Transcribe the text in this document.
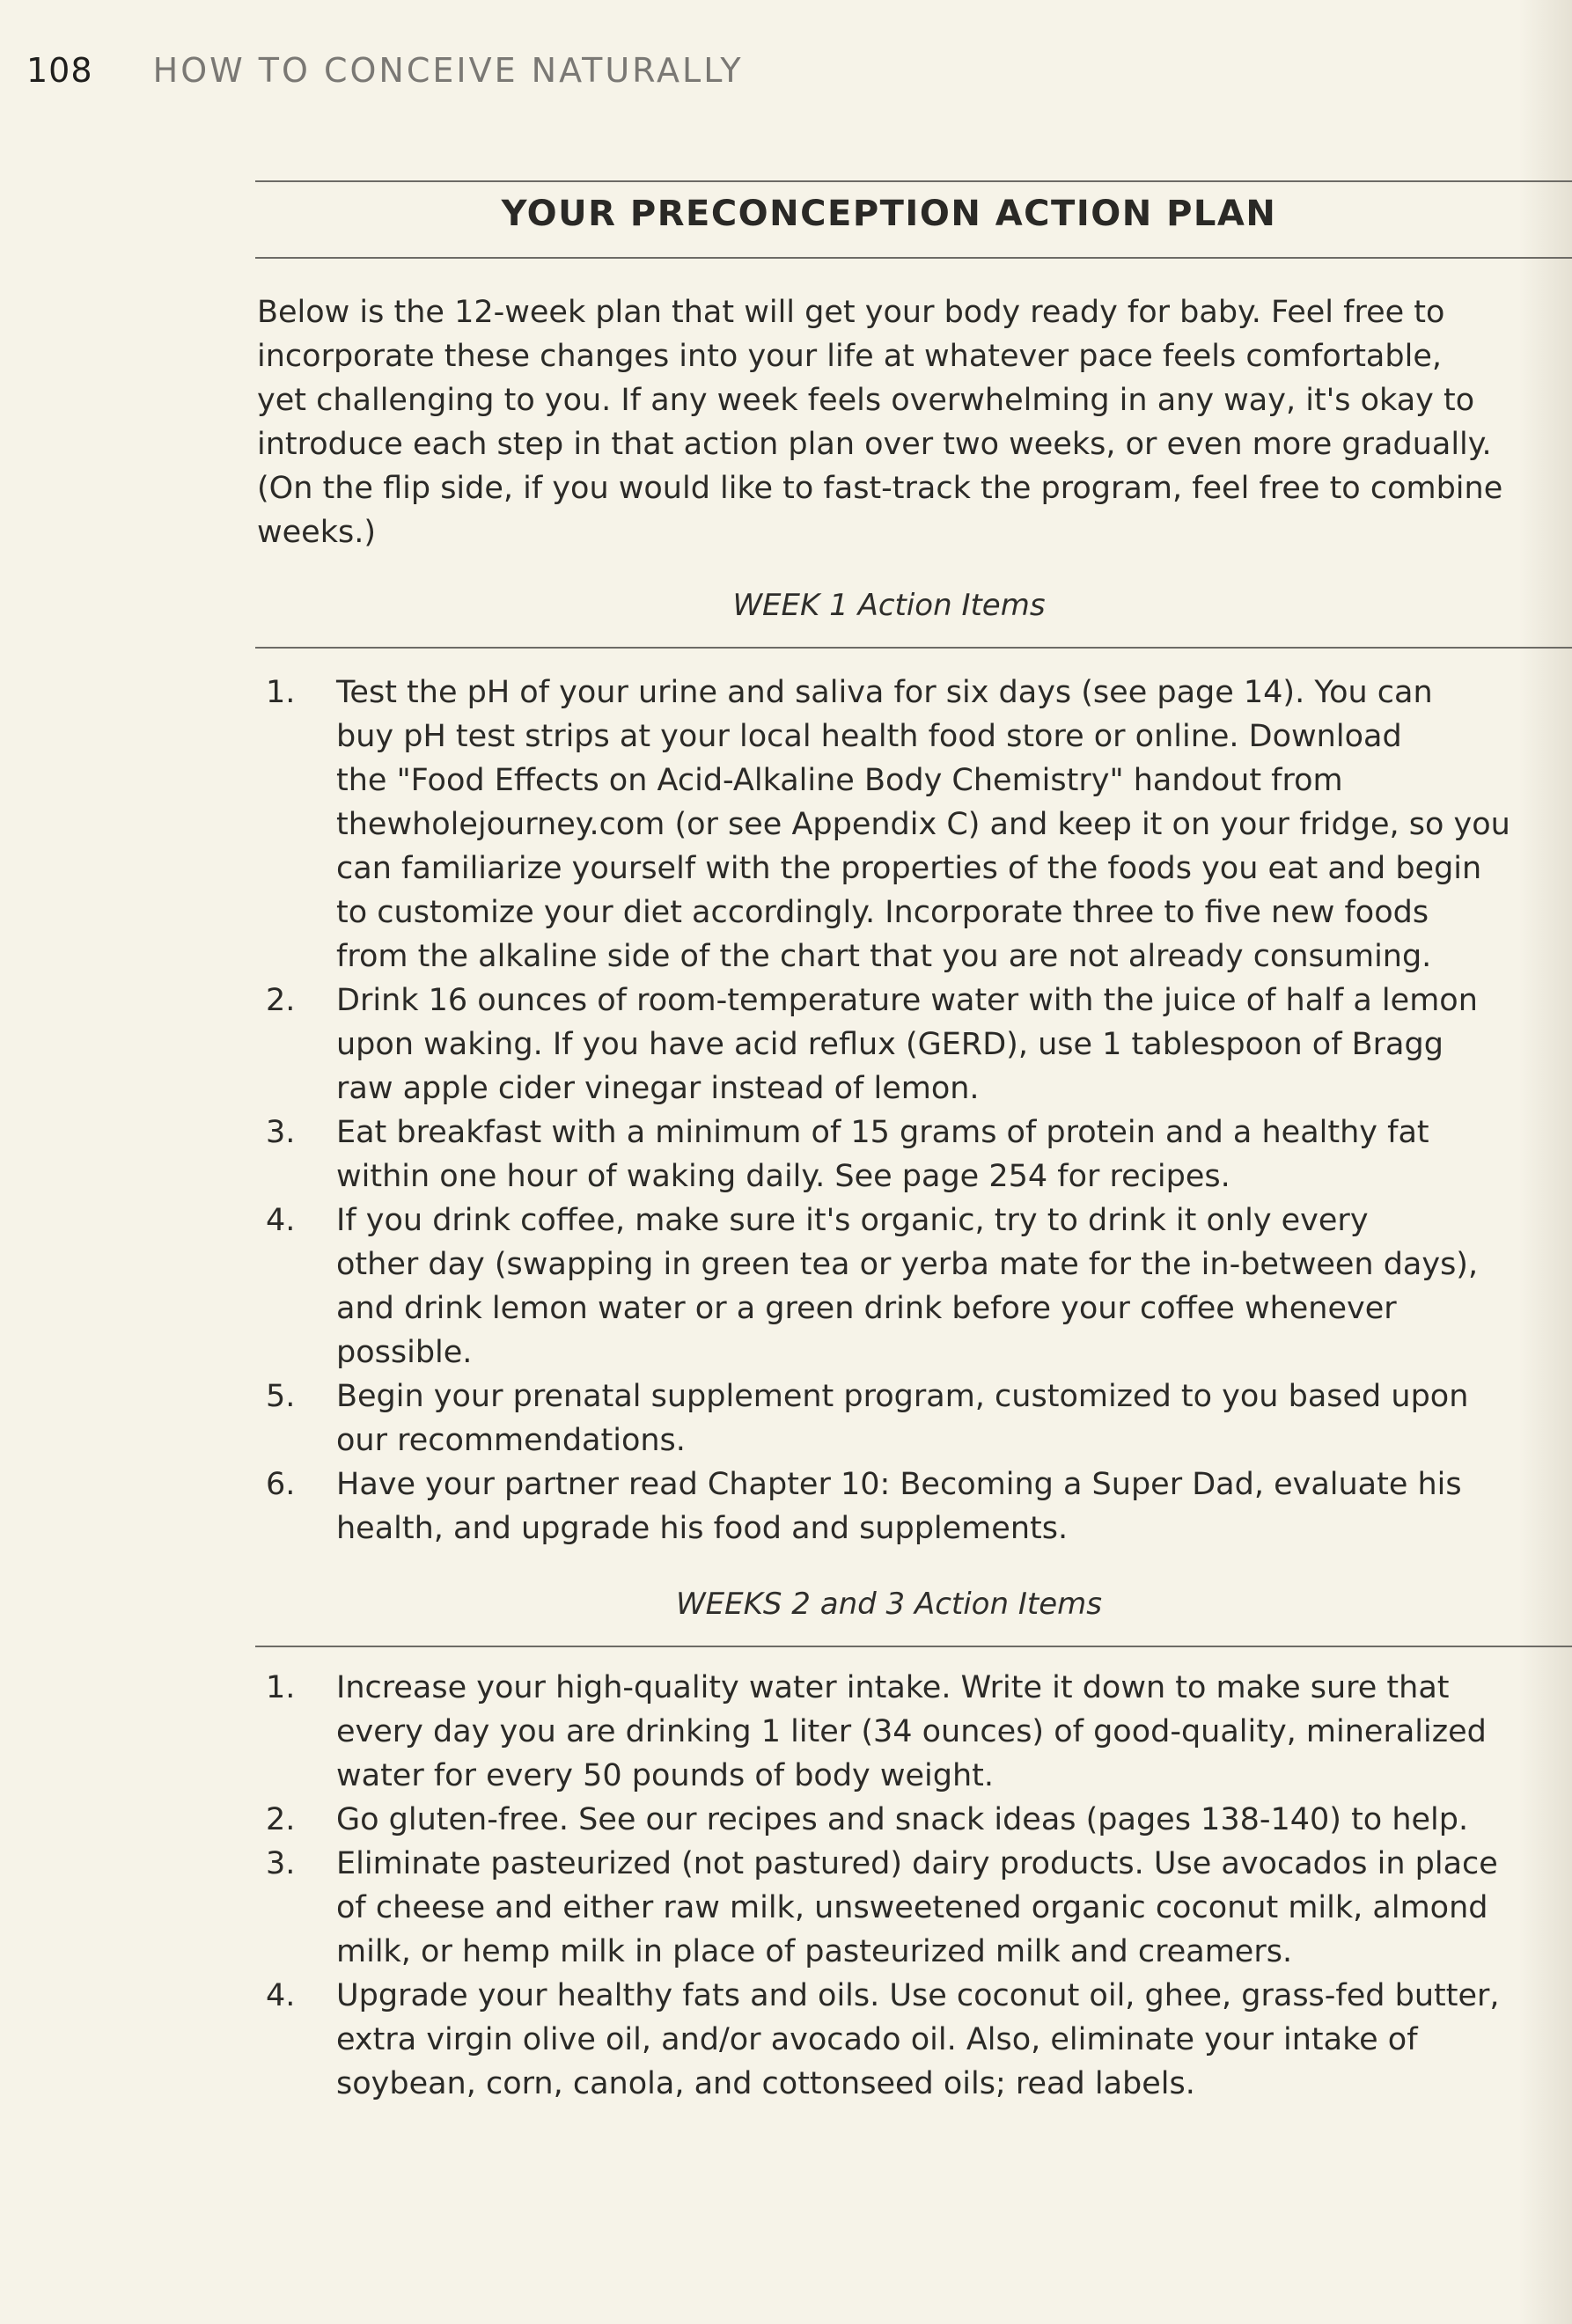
108 HOW TO CONCEIVE NATURALLY
YOUR PRECONCEPTION ACTION PLAN

Below is the 12-week plan that will get your body ready for baby. Feel free to
incorporate these changes into your life at whatever pace feels comfortable,
yet challenging to you. If any week feels overwhelming in any way, it's okay to
introduce each step in that action plan over two weeks, or even more gradually.
(On the flip side, if you would like to fast-track the program, feel free to combine
weeks.)

WEEK 1 Action Items
1. Test the pH of your urine and saliva for six days (see page 14). You can
buy pH test strips at your local health food store or online. Download
the "Food Effects on Acid-Alkaline Body Chemistry" handout from
thewholejourney.com (or see Appendix C) and keep it on your fridge, so you
can familiarize yourself with the properties of the foods you eat and begin
to customize your diet accordingly. Incorporate three to five new foods
from the alkaline side of the chart that you are not already consuming.
2. Drink 16 ounces of room-temperature water with the juice of half a lemon
upon waking. If you have acid reflux (GERD), use 1 tablespoon of Bragg
raw apple cider vinegar instead of lemon.
3. Eat breakfast with a minimum of 15 grams of protein and a healthy fat
within one hour of waking daily. See page 254 for recipes.
4. If you drink coffee, make sure it's organic, try to drink it only every
other day (swapping in green tea or yerba mate for the in-between days),
and drink lemon water or a green drink before your coffee whenever
possible.
5. Begin your prenatal supplement program, customized to you based upon
our recommendations.
6. Have your partner read Chapter 10: Becoming a Super Dad, evaluate his
health, and upgrade his food and supplements.
WEEKS 2 and 3 Action Items
1. Increase your high-quality water intake. Write it down to make sure that
every day you are drinking 1 liter (34 ounces) of good-quality, mineralized
water for every 50 pounds of body weight.
2. Go gluten-free. See our recipes and snack ideas (pages 138-140) to help.
3. Eliminate pasteurized (not pastured) dairy products. Use avocados in place
of cheese and either raw milk, unsweetened organic coconut milk, almond
milk, or hemp milk in place of pasteurized milk and creamers.
4. Upgrade your healthy fats and oils. Use coconut oil, ghee, grass-fed butter,
extra virgin olive oil, and/or avocado oil. Also, eliminate your intake of
soybean, corn, canola, and cottonseed oils; read labels.
